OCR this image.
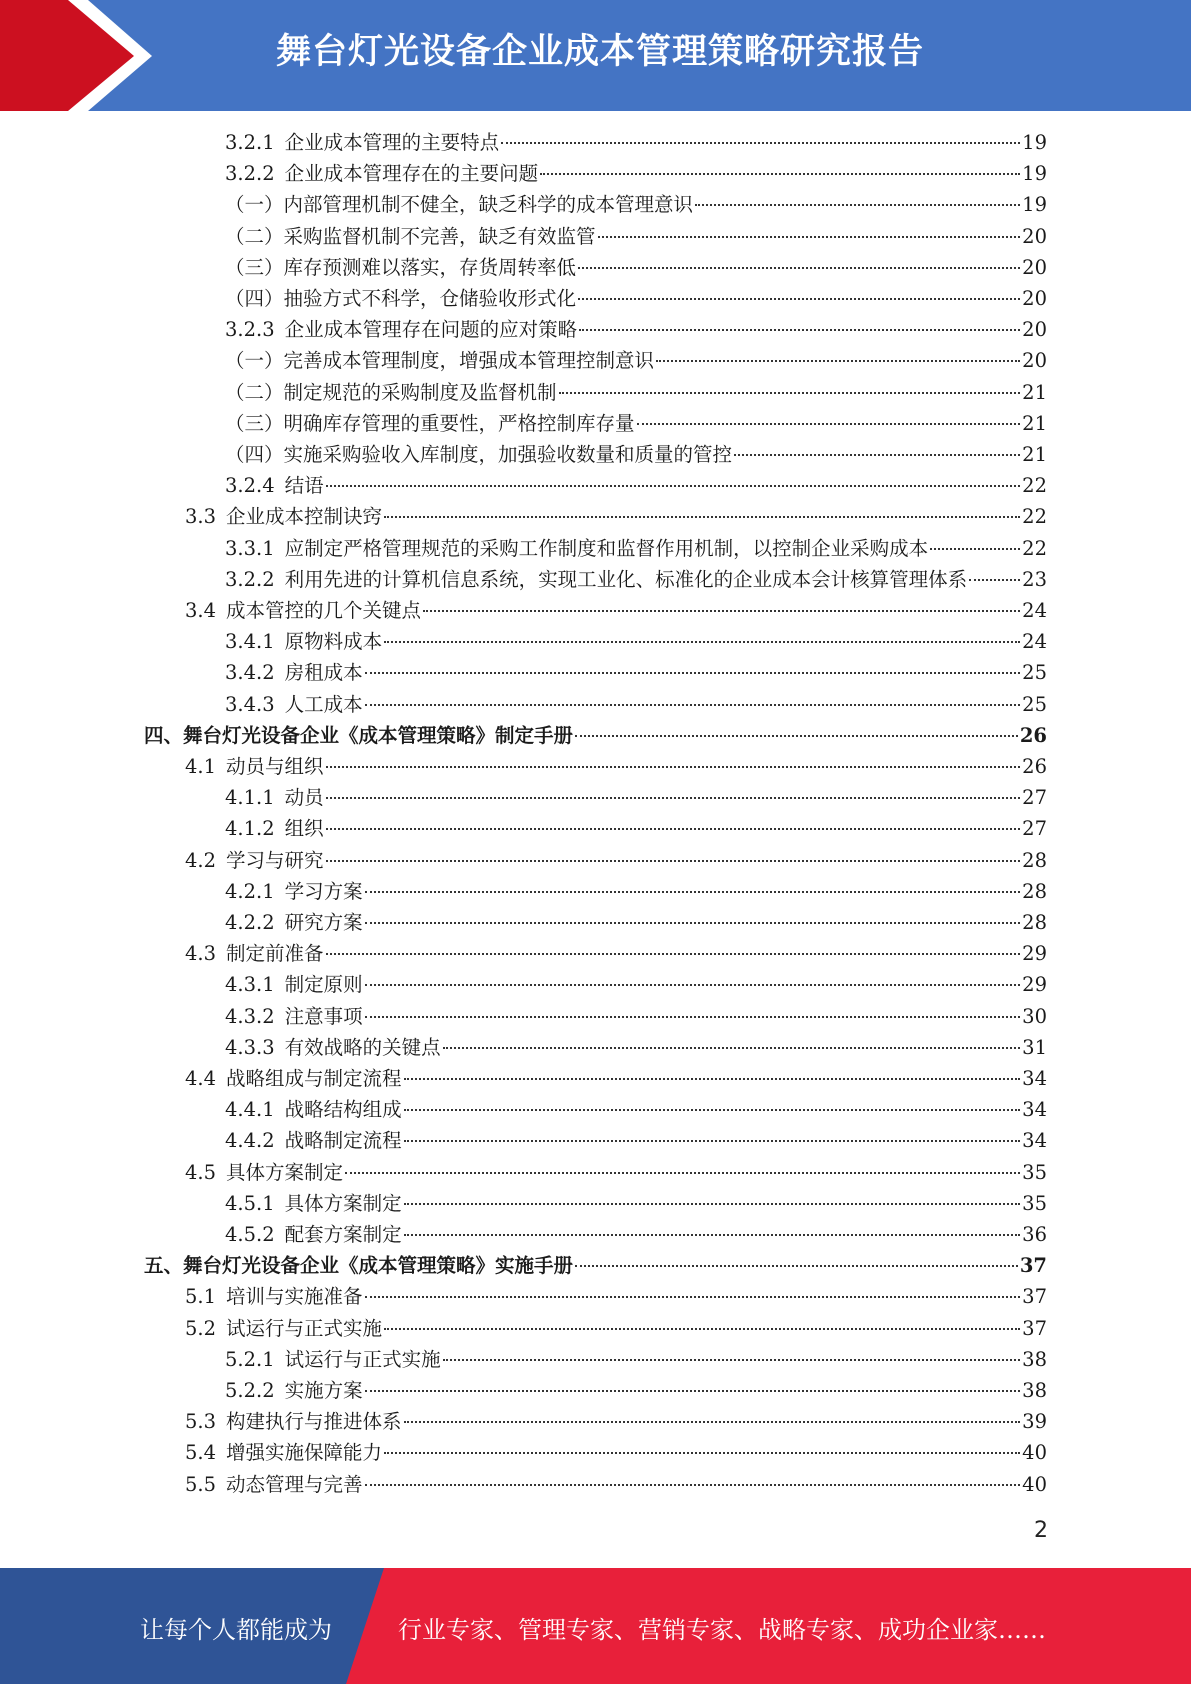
舞台灯光设备企业成本管理策略研究报告
3.2.1 企业成本管理的主要特点	19
3.2.2 企业成本管理存在的主要问题	19
（一） 内部管理机制不健全，缺乏科学的成本管理意识	19
（二） 采购监督机制不完善，缺乏有效监管	20
（三） 库存预测难以落实，存货周转率低	20
（四） 抽验方式不科学，仓储验收形式化	20
3.2.3 企业成本管理存在问题的应对策略	20
（一） 完善成本管理制度，增强成本管理控制意识	20
（二） 制定规范的采购制度及监督机制	21
（三） 明确库存管理的重要性，严格控制库存量	21
（四） 实施采购验收入库制度，加强验收数量和质量的管控	21
3.2.4 结语	22
3.3 企业成本控制诀窍	22
3.3.1 应制定严格管理规范的采购工作制度和监督作用机制，以控制企业采购成本	22
3.2.2 利用先进的计算机信息系统，实现工业化、标准化的企业成本会计核算管理体系	23
3.4 成本管控的几个关键点	24
3.4.1 原物料成本	24
3.4.2 房租成本	25
3.4.3 人工成本	25
四、 舞台灯光设备企业《成本管理策略》制定手册	26
4.1 动员与组织	26
4.1.1 动员	27
4.1.2 组织	27
4.2 学习与研究	28
4.2.1 学习方案	28
4.2.2 研究方案	28
4.3 制定前准备	29
4.3.1 制定原则	29
4.3.2 注意事项	30
4.3.3 有效战略的关键点	31
4.4 战略组成与制定流程	34
4.4.1 战略结构组成	34
4.4.2 战略制定流程	34
4.5 具体方案制定	35
4.5.1 具体方案制定	35
4.5.2 配套方案制定	36
五、 舞台灯光设备企业《成本管理策略》实施手册	37
5.1 培训与实施准备	37
5.2 试运行与正式实施	37
5.2.1 试运行与正式实施	38
5.2.2 实施方案	38
5.3 构建执行与推进体系	39
5.4 增强实施保障能力	40
5.5 动态管理与完善	40
2
让每个人都能成为	行业专家、管理专家、营销专家、战略专家、成功企业家……
